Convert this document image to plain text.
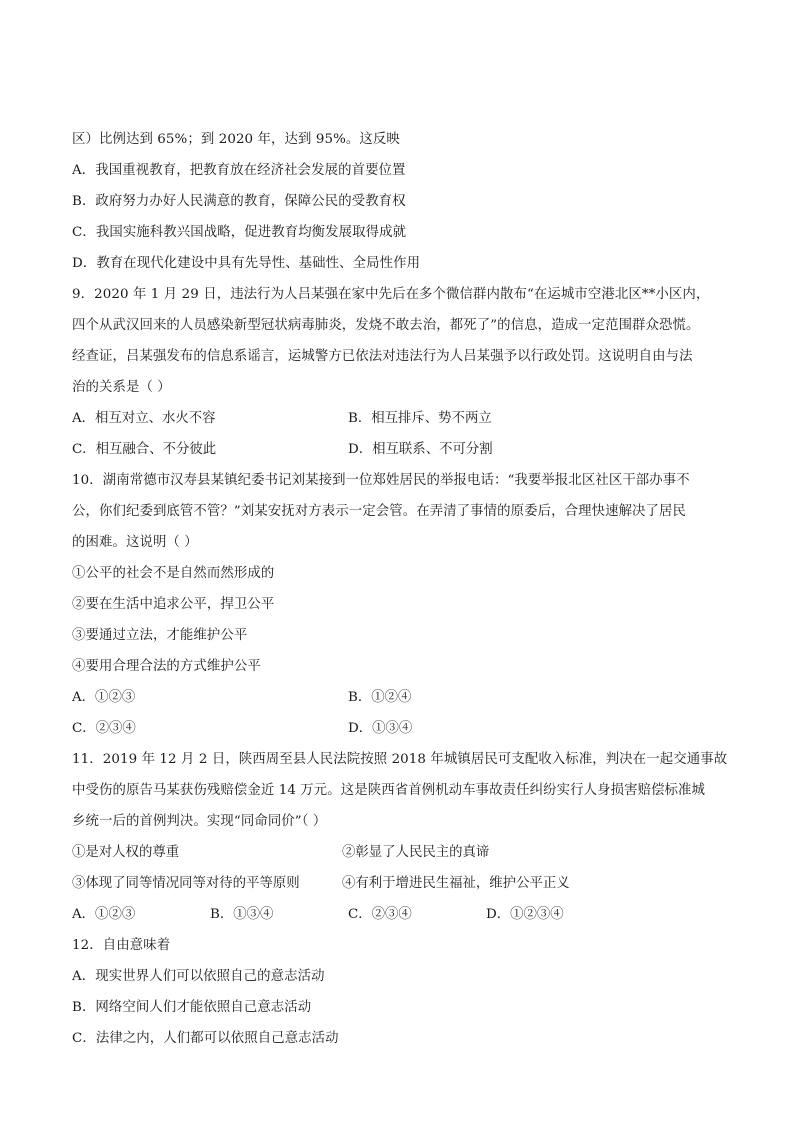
区）比例达到 65%；到 2020 年，达到 95%。这反映
A．我国重视教育，把教育放在经济社会发展的首要位置
B．政府努力办好人民满意的教育，保障公民的受教育权
C．我国实施科教兴国战略，促进教育均衡发展取得成就
D．教育在现代化建设中具有先导性、基础性、全局性作用
9．2020 年 1 月 29 日，违法行为人吕某强在家中先后在多个微信群内散布“在运城市空港北区**小区内，
四个从武汉回来的人员感染新型冠状病毒肺炎，发烧不敢去治，都死了”的信息，造成一定范围群众恐慌。
经查证，吕某强发布的信息系谣言，运城警方已依法对违法行为人吕某强予以行政处罚。这说明自由与法
治的关系是（ ）
A．相互对立、水火不容	B．相互排斥、势不两立
C．相互融合、不分彼此	D．相互联系、不可分割
10．湖南常德市汉寿县某镇纪委书记刘某接到一位郑姓居民的举报电话：“我要举报北区社区干部办事不
公，你们纪委到底管不管？”刘某安抚对方表示一定会管。在弄清了事情的原委后，合理快速解决了居民
的困难。这说明（ ）
①公平的社会不是自然而然形成的
②要在生活中追求公平，捍卫公平
③要通过立法，才能维护公平
④要用合理合法的方式维护公平
A．①②③	B．①②④
C．②③④	D．①③④
11．2019 年 12 月 2 日，陕西周至县人民法院按照 2018 年城镇居民可支配收入标准，判决在一起交通事故
中受伤的原告马某获伤残赔偿金近 14 万元。这是陕西省首例机动车事故责任纠纷实行人身损害赔偿标准城
乡统一后的首例判决。实现“同命同价”（ ）
①是对人权的尊重	②彰显了人民民主的真谛
③体现了同等情况同等对待的平等原则	④有利于增进民生福祉，维护公平正义
A．①②③	B．①③④	C．②③④	D．①②③④
12．自由意味着
A．现实世界人们可以依照自己的意志活动
B．网络空间人们才能依照自己意志活动
C．法律之内，人们都可以依照自己意志活动
